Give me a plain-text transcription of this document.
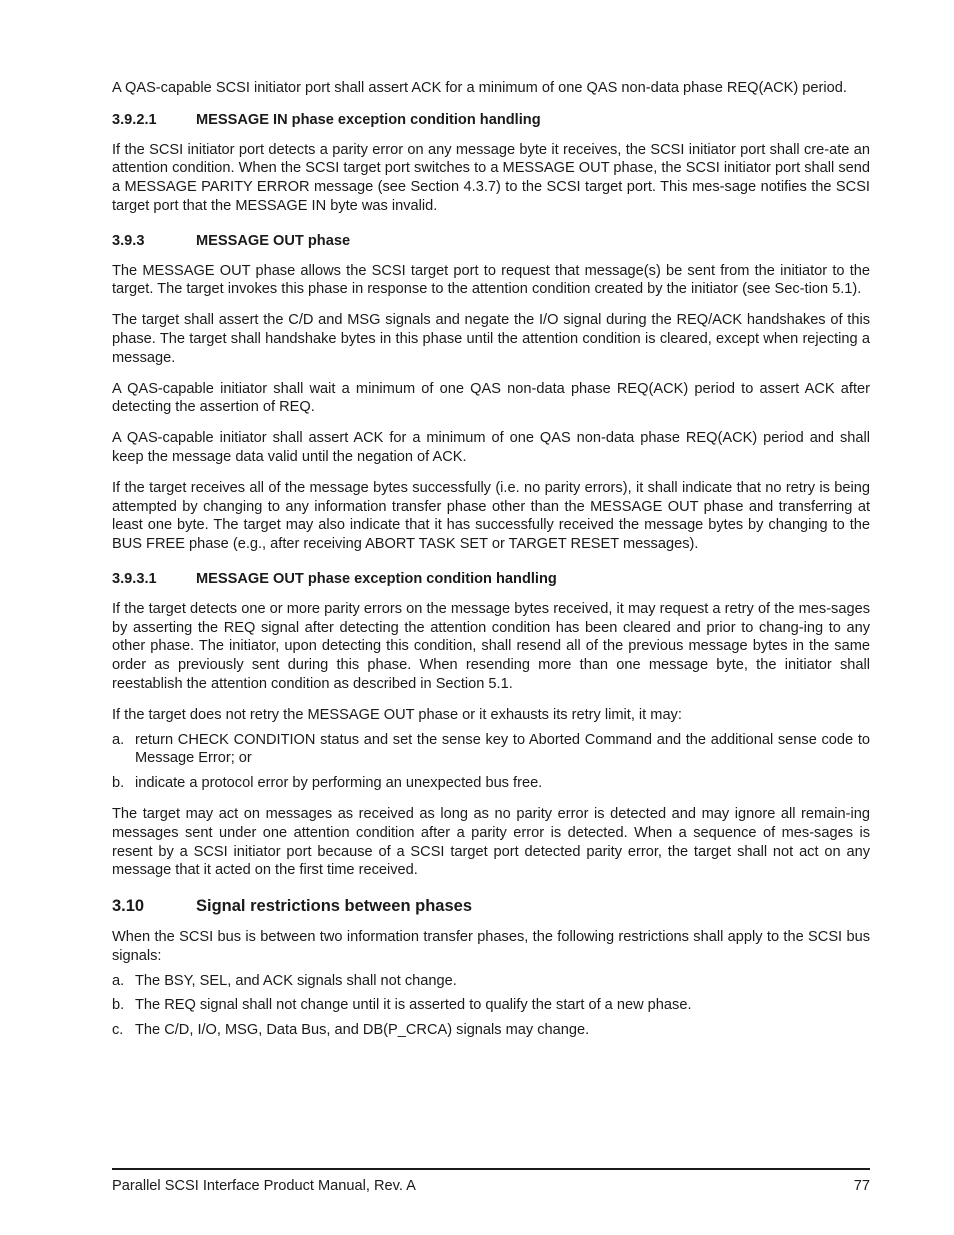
A QAS-capable SCSI initiator port shall assert ACK for a minimum of one QAS non-data phase REQ(ACK) period.

3.9.2.1	MESSAGE IN phase exception condition handling

If the SCSI initiator port detects a parity error on any message byte it receives, the SCSI initiator port shall cre-ate an attention condition. When the SCSI target port switches to a MESSAGE OUT phase, the SCSI initiator port shall send a MESSAGE PARITY ERROR message (see Section 4.3.7) to the SCSI target port. This mes-sage notifies the SCSI target port that the MESSAGE IN byte was invalid.

3.9.3	MESSAGE OUT phase

The MESSAGE OUT phase allows the SCSI target port to request that message(s) be sent from the initiator to the target. The target invokes this phase in response to the attention condition created by the initiator (see Sec-tion 5.1).

The target shall assert the C/D and MSG signals and negate the I/O signal during the REQ/ACK handshakes of this phase. The target shall handshake bytes in this phase until the attention condition is cleared, except when rejecting a message.

A QAS-capable initiator shall wait a minimum of one QAS non-data phase REQ(ACK) period to assert ACK after detecting the assertion of REQ.

A QAS-capable initiator shall assert ACK for a minimum of one QAS non-data phase REQ(ACK) period and shall keep the message data valid until the negation of ACK.

If the target receives all of the message bytes successfully (i.e. no parity errors), it shall indicate that no retry is being attempted by changing to any information transfer phase other than the MESSAGE OUT phase and transferring at least one byte. The target may also indicate that it has successfully received the message bytes by changing to the BUS FREE phase (e.g., after receiving ABORT TASK SET or TARGET RESET messages).

3.9.3.1	MESSAGE OUT phase exception condition handling

If the target detects one or more parity errors on the message bytes received, it may request a retry of the mes-sages by asserting the REQ signal after detecting the attention condition has been cleared and prior to chang-ing to any other phase. The initiator, upon detecting this condition, shall resend all of the previous message bytes in the same order as previously sent during this phase. When resending more than one message byte, the initiator shall reestablish the attention condition as described in Section 5.1.

If the target does not retry the MESSAGE OUT phase or it exhausts its retry limit, it may:

a. return CHECK CONDITION status and set the sense key to Aborted Command and the additional sense code to Message Error; or

b. indicate a protocol error by performing an unexpected bus free.

The target may act on messages as received as long as no parity error is detected and may ignore all remain-ing messages sent under one attention condition after a parity error is detected. When a sequence of mes-sages is resent by a SCSI initiator port because of a SCSI target port detected parity error, the target shall not act on any message that it acted on the first time received.

3.10	Signal restrictions between phases

When the SCSI bus is between two information transfer phases, the following restrictions shall apply to the SCSI bus signals:

a. The BSY, SEL, and ACK signals shall not change.

b. The REQ signal shall not change until it is asserted to qualify the start of a new phase.

c. The C/D, I/O, MSG, Data Bus, and DB(P_CRCA) signals may change.

Parallel SCSI Interface Product Manual, Rev. A	77
